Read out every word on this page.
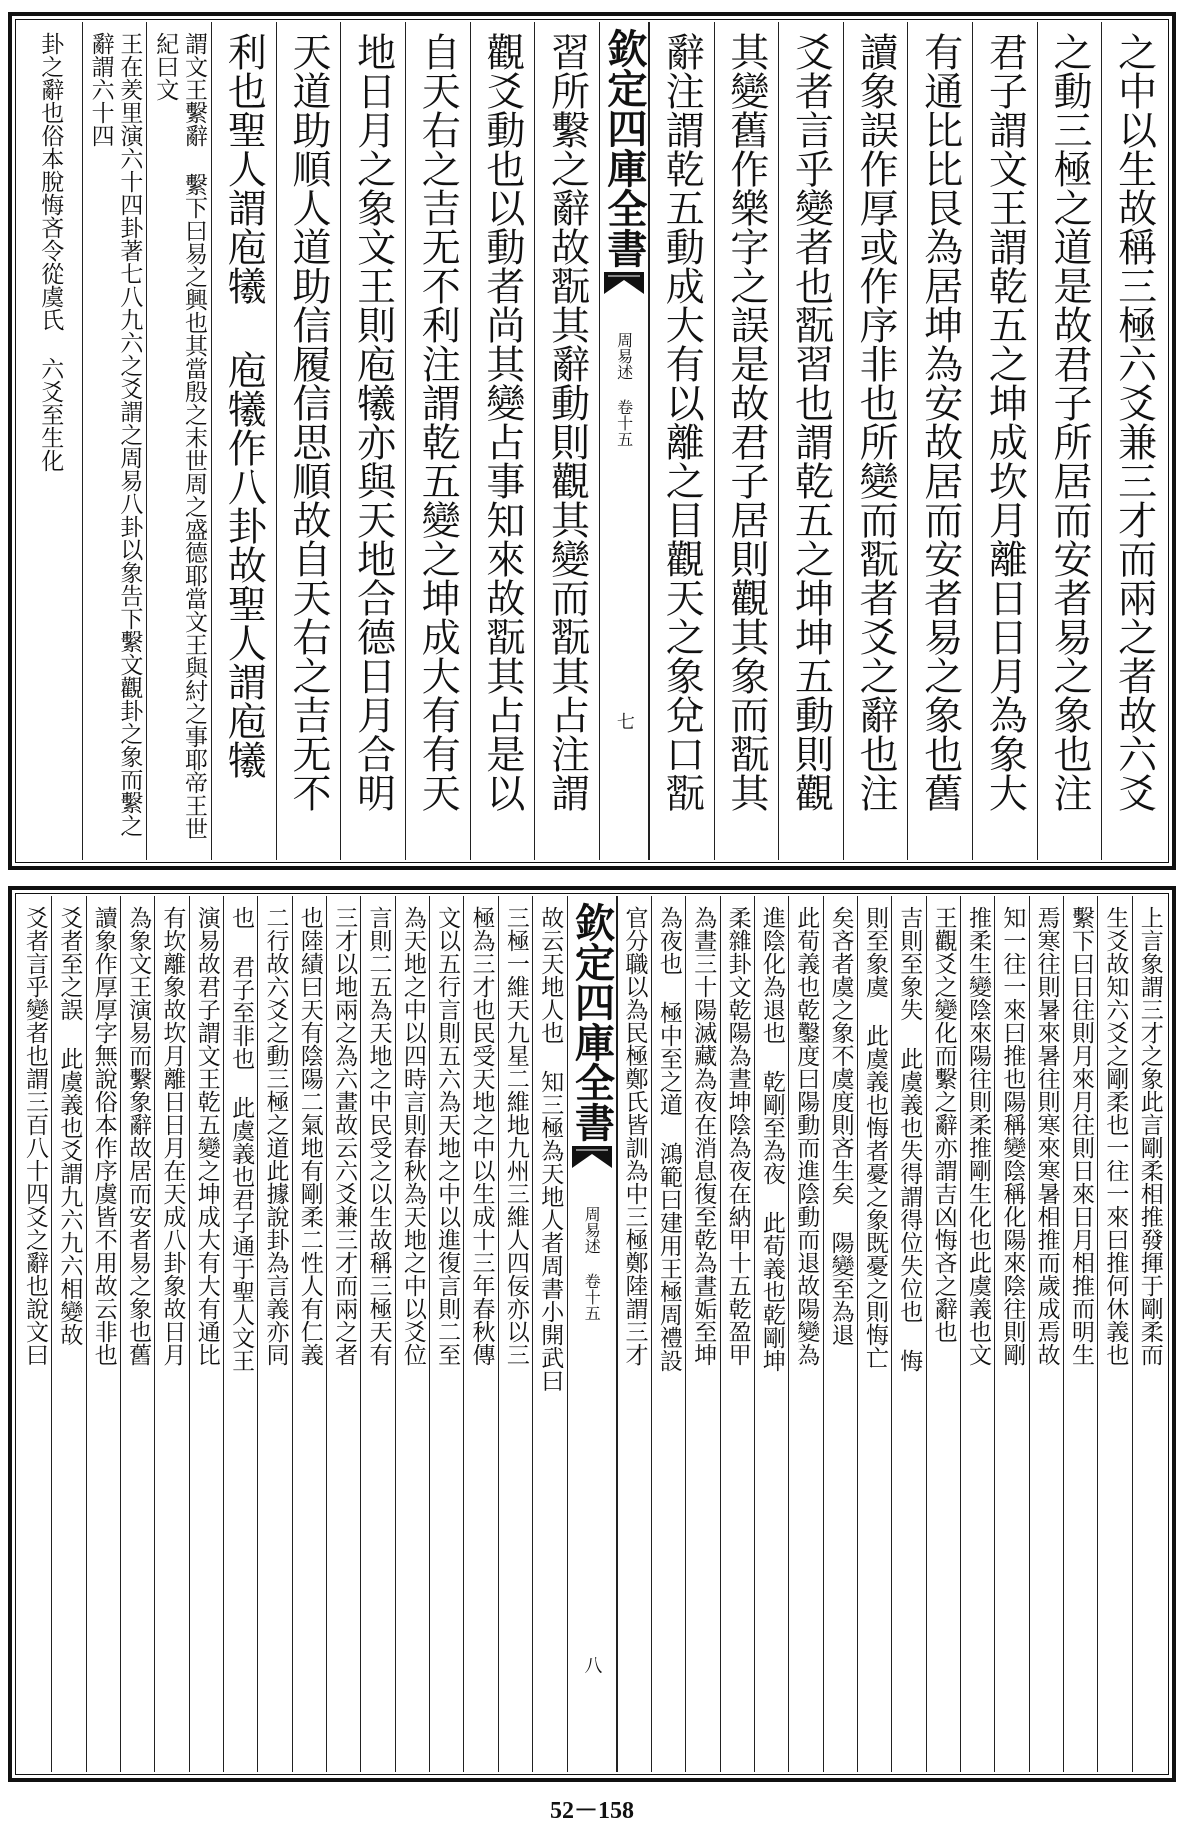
之中以生故稱三極六爻兼三才而兩之者故六爻
之動三極之道是故君子所居而安者易之象也注
君子謂文王謂乾五之坤成坎月離日日月為象大
有通比比艮為居坤為安故居而安者易之象也舊
讀象誤作厚或作序非也所變而翫者爻之辭也注
爻者言乎變者也翫習也謂乾五之坤坤五動則觀
其變舊作樂字之誤是故君子居則觀其象而翫其
辭注謂乾五動成大有以離之目觀天之象兌口翫
欽定四庫全書
周易述 卷十五
七
習所繫之辭故翫其辭動則觀其變而翫其占注謂
觀爻動也以動者尚其變占事知來故翫其占是以
自天右之吉无不利注謂乾五變之坤成大有有天
地日月之象文王則庖犧亦與天地合德日月合明
天道助順人道助信履信思順故自天右之吉无不
利也聖人謂庖犧 庖犧作八卦故聖人謂庖犧
謂文王繫辭 繫下曰易之興也其當殷之末世周之盛德耶當文王與紂之事耶帝王世紀曰文
王在羑里演六十四卦著七八九六之爻謂之周易八卦以象告下繫文觀卦之象而繫之辭謂六十四
卦之辭也俗本脫悔吝令從虞氏 六爻至生化
上言象謂三才之象此言剛柔相推發揮于剛柔而
生爻故知六爻之剛柔也一往一來曰推何休義也
繫下曰日往則月來月往則日來日月相推而明生
焉寒往則暑來暑往則寒來寒暑相推而歲成焉故
知一往一來曰推也陽稱變陰稱化陽來陰往則剛
推柔生變陰來陽往則柔推剛生化也此虞義也文
王觀爻之變化而繫之辭亦謂吉凶悔吝之辭也
吉則至象失 此虞義也失得謂得位失位也 悔
則至象虞 此虞義也悔者憂之象既憂之則悔亡
矣吝者虞之象不虞度則吝生矣 陽變至為退
此荀義也乾鑿度曰陽動而進陰動而退故陽變為
進陰化為退也 乾剛至為夜 此荀義也乾剛坤
柔雜卦文乾陽為晝坤陰為夜在納甲十五乾盈甲
為晝三十陽滅藏為夜在消息復至乾為晝姤至坤
為夜也 極中至之道 鴻範曰建用王極周禮設
官分職以為民極鄭氏皆訓為中三極鄭陸謂三才
欽定四庫全書
周易述 卷十五
八
故云天地人也 知三極為天地人者周書小開武曰
三極一維天九星二維地九州三維人四佞亦以三
極為三才也民受天地之中以生成十三年春秋傳
文以五行言則五六為天地之中以進復言則二至
為天地之中以四時言則春秋為天地之中以爻位
言則二五為天地之中民受之以生故稱三極天有
三才以地兩之為六畫故云六爻兼三才而兩之者
也陸績曰天有陰陽二氣地有剛柔二性人有仁義
二行故六爻之動三極之道此據說卦為言義亦同
也 君子至非也 此虞義也君子通于聖人文王
演易故君子謂文王乾五變之坤成大有大有通比
有坎離象故坎月離日日月在天成八卦象故日月
為象文王演易而繫象辭故居而安者易之象也舊
讀象作厚厚字無說俗本作序虞皆不用故云非也
爻者至之誤 此虞義也爻謂九六九六相變故
爻者言乎變者也謂三百八十四爻之辭也說文曰
52－158
